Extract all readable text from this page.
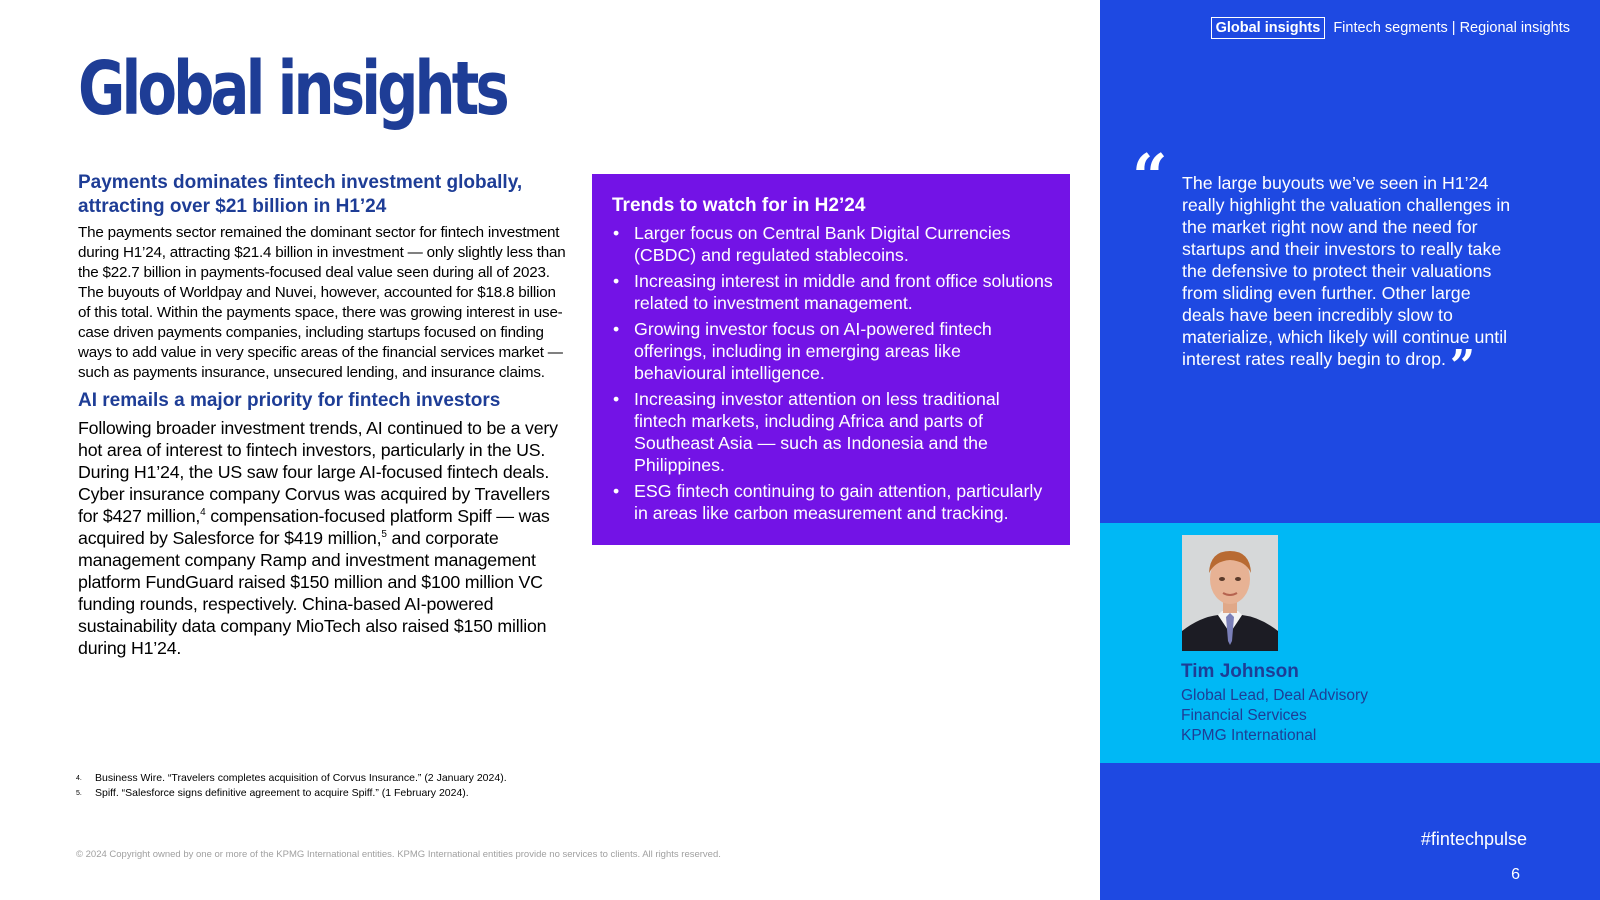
Global insights
Payments dominates fintech investment globally, attracting over $21 billion in H1’24

The payments sector remained the dominant sector for fintech investment during H1’24, attracting $21.4 billion in investment — only slightly less than the $22.7 billion in payments-focused deal value seen during all of 2023. The buyouts of Worldpay and Nuvei, however, accounted for $18.8 billion of this total. Within the payments space, there was growing interest in use-case driven payments companies, including startups focused on finding ways to add value in very specific areas of the financial services market — such as payments insurance, unsecured lending, and insurance claims.

AI remails a major priority for fintech investors

Following broader investment trends, AI continued to be a very hot area of interest to fintech investors, particularly in the US. During H1’24, the US saw four large AI-focused fintech deals. Cyber insurance company Corvus was acquired by Travellers for $427 million,$^4$ compensation-focused platform Spiff — was acquired by Salesforce for $419 million,$^5$ and corporate management company Ramp and investment management platform FundGuard raised $150 million and $100 million VC funding rounds, respectively. China-based AI-powered sustainability data company MioTech also raised $150 million during H1’24.

Trends to watch for in H2’24
• Larger focus on Central Bank Digital Currencies (CBDC) and regulated stablecoins.
• Increasing interest in middle and front office solutions related to investment management.
• Growing investor focus on AI-powered fintech offerings, including in emerging areas like behavioural intelligence.
• Increasing investor attention on less traditional fintech markets, including Africa and parts of Southeast Asia — such as Indonesia and the Philippines.
• ESG fintech continuing to gain attention, particularly in areas like carbon measurement and tracking.
4.	Business Wire. “Travelers completes acquisition of Corvus Insurance.” (2 January 2024).
5.	Spiff. “Salesforce signs definitive agreement to acquire Spiff.” (1 February 2024).
© 2024 Copyright owned by one or more of the KPMG International entities. KPMG International entities provide no services to clients. All rights reserved.
Global insights Fintech segments | Regional insights
“ The large buyouts we’ve seen in H1’24 really highlight the valuation challenges in the market right now and the need for startups and their investors to really take the defensive to protect their valuations from sliding even further. Other large deals have been incredibly slow to materialize, which likely will continue until interest rates really begin to drop.”
Tim Johnson
Global Lead, Deal Advisory
Financial Services
KPMG International
#fintechpulse
6
